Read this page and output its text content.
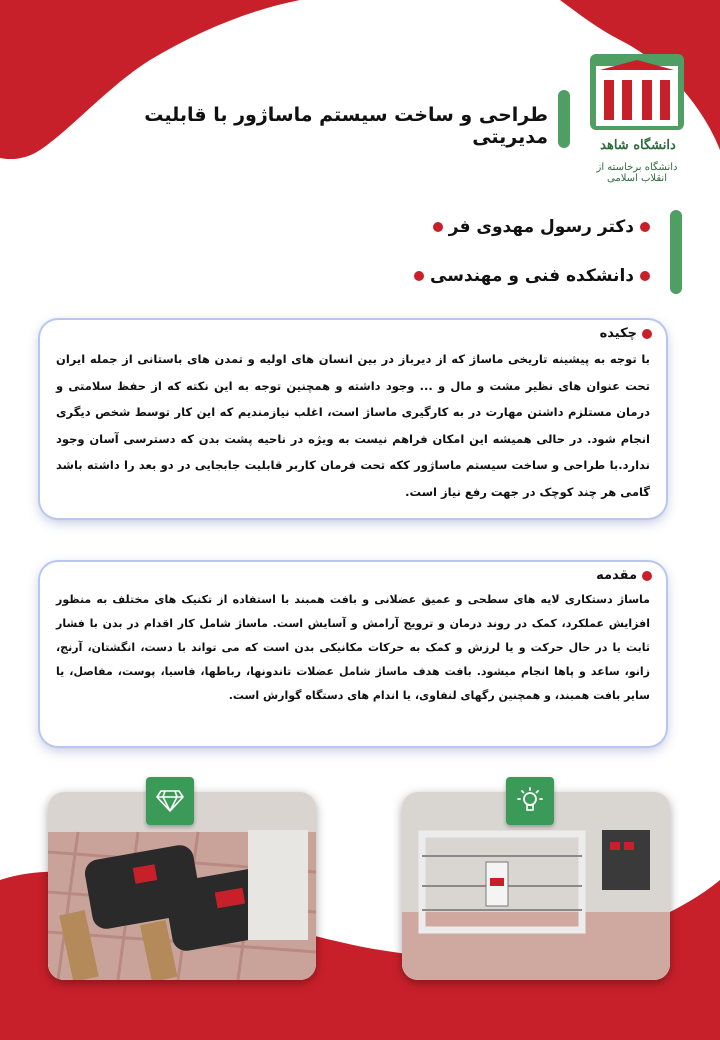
دانشگاه شاهد
دانشگاه برخاسته از انقلاب اسلامی
طراحی و ساخت سیستم ماساژور با قابلیت مدیریتی
دکتر رسول مهدوی فر
دانشکده فنی و مهندسی
چکیده
با توجه به پیشینه تاریخی ماساژ که از دیرباز در بین انسان های اولیه و تمدن های باستانی از جمله ایران تحت عنوان های نظیر مشت و مال و ... وجود داشته و همچنین توجه به این نکته که از حفظ سلامتی و درمان مستلزم داشتن مهارت در به کارگیری ماساژ است، اغلب نیازمندیم که این کار توسط شخص دیگری انجام شود. در حالی همیشه این امکان فراهم نیست به ویژه در ناحیه پشت بدن که دسترسی آسان وجود ندارد.با طراحی و ساخت سیستم ماساژور ککه تحت فرمان کاربر قابلیت جابجایی در دو بعد را داشته باشد گامی هر چند کوچک در جهت رفع نیاز است.
مقدمه
ماساژ دستکاری لایه های سطحی و عمیق عضلانی و بافت همبند با استفاده از تکنیک های مختلف به منظور افزایش عملکرد، کمک در روند درمان و ترویج آرامش و آسایش است. ماساژ شامل کار اقدام در بدن با فشار ثابت یا در حال حرکت و یا لرزش و کمک به حرکات مکانیکی بدن است که می تواند با دست، انگشتان، آرنج، زانو، ساعد و پاها انجام میشود. بافت هدف ماساژ شامل عضلات تاندونها، رباطها، فاسیا، پوست، مفاصل، یا سایر بافت همبند، و همچنین رگهای لنفاوی، یا اندام های دستگاه گوارش است.
